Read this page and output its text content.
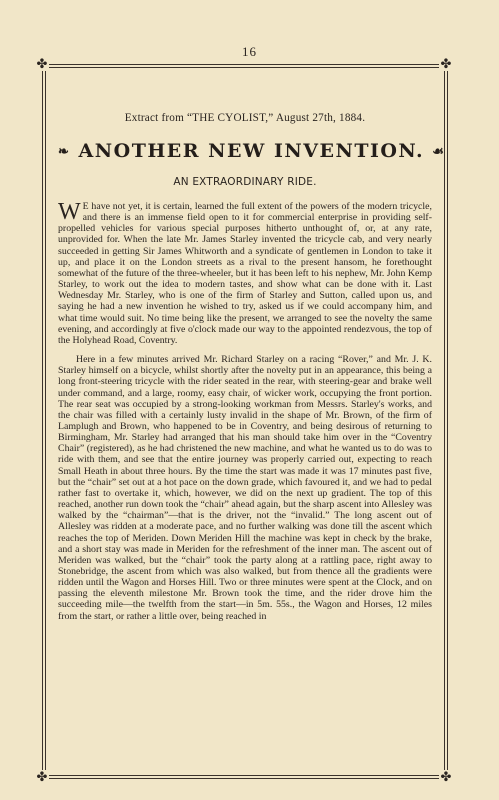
16
✤	✤
✤	✤

Extract from “THE CYOLIST,” August 27th, 1884.

❧ ANOTHER NEW INVENTION. ☙

AN EXTRAORDINARY RIDE.

W E have not yet, it is certain, learned the full extent of the powers of the modern tricycle, and there is an immense field open to it for commercial enterprise in providing self-propelled vehicles for various special purposes hitherto unthought of, or, at any rate, unprovided for. When the late Mr. James Starley invented the tricycle cab, and very nearly succeeded in getting Sir James Whitworth and a syndicate of gentlemen in London to take it up, and place it on the London streets as a rival to the present hansom, he forethought somewhat of the future of the three-wheeler, but it has been left to his nephew, Mr. John Kemp Starley, to work out the idea to modern tastes, and show what can be done with it. Last Wednesday Mr. Starley, who is one of the firm of Starley and Sutton, called upon us, and saying he had a new invention he wished to try, asked us if we could accompany him, and what time would suit. No time being like the present, we arranged to see the novelty the same evening, and accordingly at five o'clock made our way to the appointed rendezvous, the top of the Holyhead Road, Coventry.

Here in a few minutes arrived Mr. Richard Starley on a racing “Rover,” and Mr. J. K. Starley himself on a bicycle, whilst shortly after the novelty put in an appearance, this being a long front-steering tricycle with the rider seated in the rear, with steering-gear and brake well under command, and a large, roomy, easy chair, of wicker work, occupying the front portion. The rear seat was occupied by a strong-looking workman from Messrs. Starley's works, and the chair was filled with a certainly lusty invalid in the shape of Mr. Brown, of the firm of Lamplugh and Brown, who happened to be in Coventry, and being desirous of returning to Birmingham, Mr. Starley had arranged that his man should take him over in the “Coventry Chair” (registered), as he had christened the new machine, and what he wanted us to do was to ride with them, and see that the entire journey was properly carried out, expecting to reach Small Heath in about three hours. By the time the start was made it was 17 minutes past five, but the “chair” set out at a hot pace on the down grade, which favoured it, and we had to pedal rather fast to overtake it, which, however, we did on the next up gradient. The top of this reached, another run down took the “chair” ahead again, but the sharp ascent into Allesley was walked by the “chairman”—that is the driver, not the “invalid.” The long ascent out of Allesley was ridden at a moderate pace, and no further walking was done till the ascent which reaches the top of Meriden. Down Meriden Hill the machine was kept in check by the brake, and a short stay was made in Meriden for the refreshment of the inner man. The ascent out of Meriden was walked, but the “chair” took the party along at a rattling pace, right away to Stonebridge, the ascent from which was also walked, but from thence all the gradients were ridden until the Wagon and Horses Hill. Two or three minutes were spent at the Clock, and on passing the eleventh milestone Mr. Brown took the time, and the rider drove him the succeeding mile—the twelfth from the start—in 5m. 55s., the Wagon and Horses, 12 miles from the start, or rather a little over, being reached in
